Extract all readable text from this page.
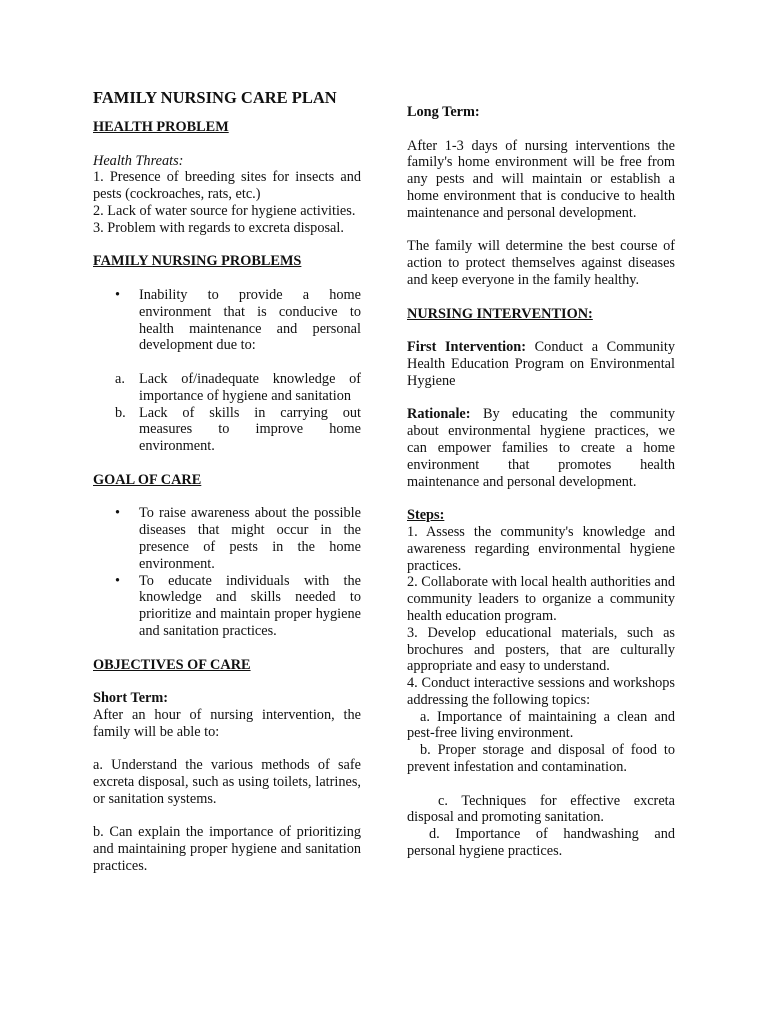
FAMILY NURSING CARE PLAN

HEALTH PROBLEM

Health Threats:

1. Presence of breeding sites for insects and pests (cockroaches, rats, etc.)

2. Lack of water source for hygiene activities.

3. Problem with regards to excreta disposal.

FAMILY NURSING PROBLEMS

• Inability to provide a home environment that is conducive to health maintenance and personal development due to:
a. Lack of/inadequate knowledge of importance of hygiene and sanitation
b. Lack of skills in carrying out measures to improve home environment.

GOAL OF CARE

• To raise awareness about the possible diseases that might occur in the presence of pests in the home environment.
• To educate individuals with the knowledge and skills needed to prioritize and maintain proper hygiene and sanitation practices.

OBJECTIVES OF CARE

Short Term:

After an hour of nursing intervention, the family will be able to:

a. Understand the various methods of safe excreta disposal, such as using toilets, latrines, or sanitation systems.

b. Can explain the importance of prioritizing and maintaining proper hygiene and sanitation practices.

Long Term:

After 1-3 days of nursing interventions the family's home environment will be free from any pests and will maintain or establish a home environment that is conducive to health maintenance and personal development.

The family will determine the best course of action to protect themselves against diseases and keep everyone in the family healthy.

NURSING INTERVENTION:

First Intervention: Conduct a Community Health Education Program on Environmental Hygiene

Rationale: By educating the community about environmental hygiene practices, we can empower families to create a home environment that promotes health maintenance and personal development.

Steps:

1. Assess the community's knowledge and awareness regarding environmental hygiene practices.

2. Collaborate with local health authorities and community leaders to organize a community health education program.

3. Develop educational materials, such as brochures and posters, that are culturally appropriate and easy to understand.

4. Conduct interactive sessions and workshops addressing the following topics:

a. Importance of maintaining a clean and pest-free living environment.

b. Proper storage and disposal of food to prevent infestation and contamination.

c. Techniques for effective excreta disposal and promoting sanitation.

d. Importance of handwashing and personal hygiene practices.
